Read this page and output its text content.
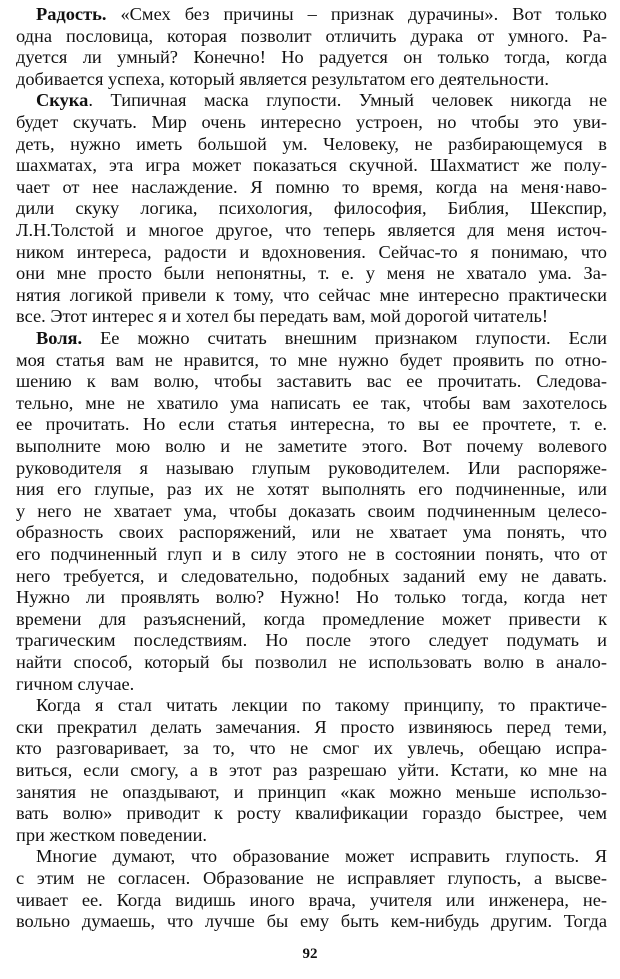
Радость. «Смех без причины – признак дурачины». Вот только
одна пословица, которая позволит отличить дурака от умного. Ра-
дуется ли умный? Конечно! Но радуется он только тогда, когда
добивается успеха, который является результатом его деятельности.
Скука. Типичная маска глупости. Умный человек никогда не
будет скучать. Мир очень интересно устроен, но чтобы это уви-
деть, нужно иметь большой ум. Человеку, не разбирающемуся в
шахматах, эта игра может показаться скучной. Шахматист же полу-
чает от нее наслаждение. Я помню то время, когда на меня·наво-
дили скуку логика, психология, философия, Библия, Шекспир,
Л.Н.Толстой и многое другое, что теперь является для меня источ-
ником интереса, радости и вдохновения. Сейчас-то я понимаю, что
они мне просто были непонятны, т. е. у меня не хватало ума. За-
нятия логикой привели к тому, что сейчас мне интересно практически
все. Этот интерес я и хотел бы передать вам, мой дорогой читатель!
Воля. Ее можно считать внешним признаком глупости. Если
моя статья вам не нравится, то мне нужно будет проявить по отно-
шению к вам волю, чтобы заставить вас ее прочитать. Следова-
тельно, мне не хватило ума написать ее так, чтобы вам захотелось
ее прочитать. Но если статья интересна, то вы ее прочтете, т. е.
выполните мою волю и не заметите этого. Вот почему волевого
руководителя я называю глупым руководителем. Или распоряже-
ния его глупые, раз их не хотят выполнять его подчиненные, или
у него не хватает ума, чтобы доказать своим подчиненным целесо-
образность своих распоряжений, или не хватает ума понять, что
его подчиненный глуп и в силу этого не в состоянии понять, что от
него требуется, и следовательно, подобных заданий ему не давать.
Нужно ли проявлять волю? Нужно! Но только тогда, когда нет
времени для разъяснений, когда промедление может привести к
трагическим последствиям. Но после этого следует подумать и
найти способ, который бы позволил не использовать волю в анало-
гичном случае.
Когда я стал читать лекции по такому принципу, то практиче-
ски прекратил делать замечания. Я просто извиняюсь перед теми,
кто разговаривает, за то, что не смог их увлечь, обещаю испра-
виться, если смогу, а в этот раз разрешаю уйти. Кстати, ко мне на
занятия не опаздывают, и принцип «как можно меньше использо-
вать волю» приводит к росту квалификации гораздо быстрее, чем
при жестком поведении.
Многие думают, что образование может исправить глупость. Я
с этим не согласен. Образование не исправляет глупость, а высве-
чивает ее. Когда видишь иного врача, учителя или инженера, не-
вольно думаешь, что лучше бы ему быть кем-нибудь другим. Тогда
92
